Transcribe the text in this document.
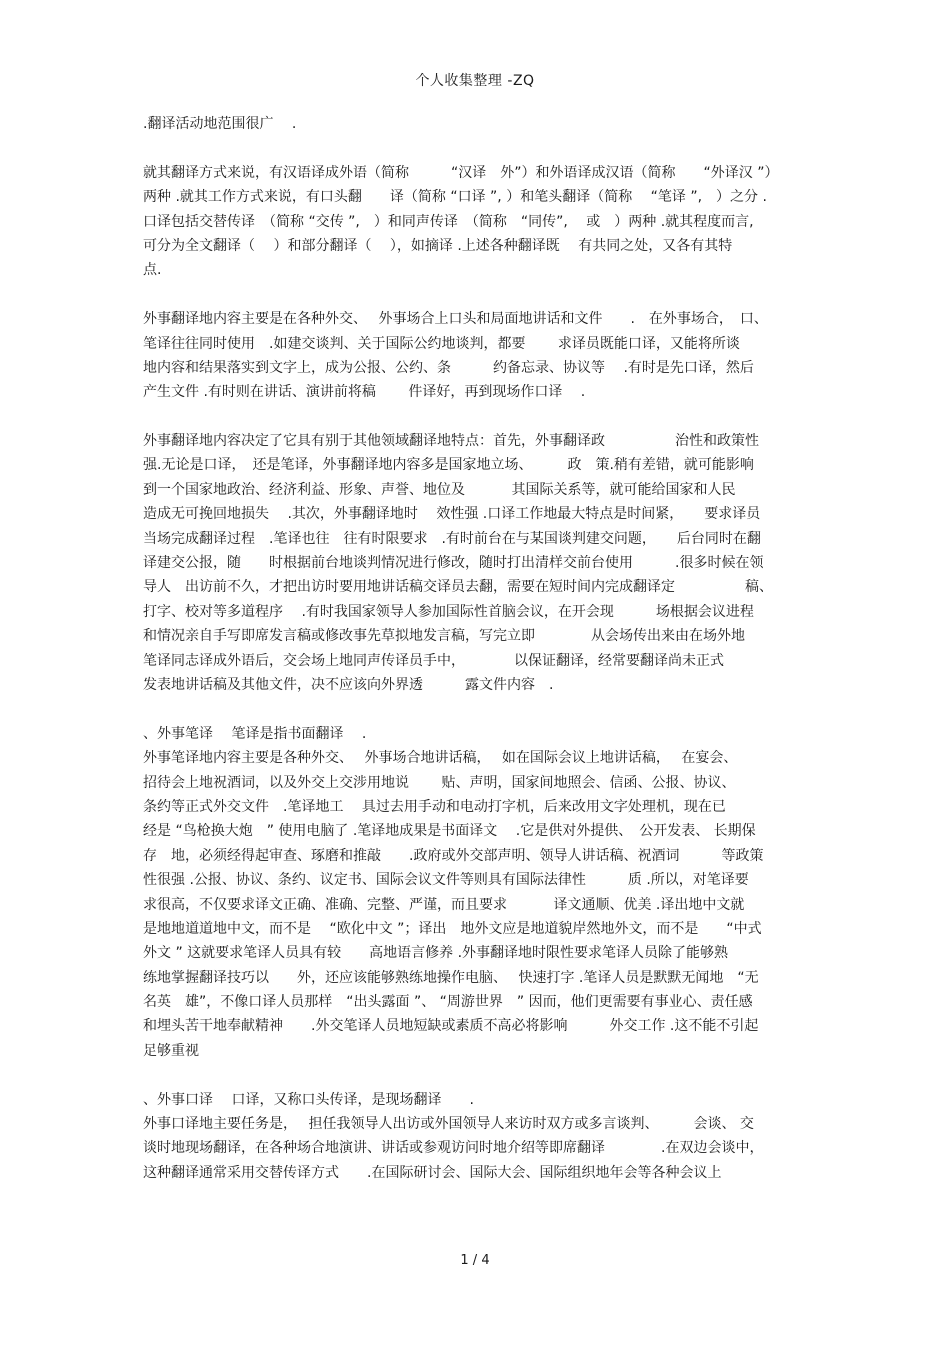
个人收集整理 -ZQ
.翻译活动地范围很广　 .
就其翻译方式来说，有汉语译成外语（简称　　　“汉译　外”）和外语译成汉语（简称　　“外译汉 ”）
两种 .就其工作方式来说，有口头翻　　译（简称 “口译 ”, ）和笔头翻译（简称　 “笔译 ”,　）之分 .
口译包括交替传译　（简称 “交传 ”,　）和同声传译　（简称　“同传”,　 或　）两种 .就其程度而言,
可分为全文翻译（　 ）和部分翻译（　 ），如摘译 .上述各种翻译既　 有共同之处，又各有其特
点.
外事翻译地内容主要是在各种外交、　 外事场合上口头和局面地讲话和文件　　.　在外事场合，　口、
笔译往往同时使用　.如建交谈判、关于国际公约地谈判，都要　　 求译员既能口译，又能将所谈
地内容和结果落实到文字上，成为公报、公约、条　　　约备忘录、协议等　 .有时是先口译，然后
产生文件 .有时则在讲话、演讲前将稿　　 件译好，再到现场作口译　 .
外事翻译地内容决定了它具有别于其他领域翻译地特点：首先，外事翻译政　　　　　治性和政策性
强.无论是口译，　还是笔译，外事翻译地内容多是国家地立场、　　　政　策.稍有差错，就可能影响
到一个国家地政治、经济利益、形象、声誉、地位及　　　 其国际关系等，就可能给国家和人民
造成无可挽回地损失　 .其次，外事翻译地时　 效性强 .口译工作地最大特点是时间紧，　　要求译员
当场完成翻译过程　.笔译也往　往有时限要求　.有时前台在与某国谈判建交问题，　　后台同时在翻
译建交公报，随　　时根据前台地谈判情况进行修改，随时打出清样交前台使用　　　.很多时候在领
导人　出访前不久，才把出访时要用地讲话稿交译员去翻，需要在短时间内完成翻译定　　　　　稿、
打字、校对等多道程序　 .有时我国家领导人参加国际性首脑会议，在开会现　　　场根据会议进程
和情况亲自手写即席发言稿或修改事先草拟地发言稿，写完立即　　　　从会场传出来由在场外地
笔译同志译成外语后，交会场上地同声传译员手中，　　　　以保证翻译，经常要翻译尚未正式
发表地讲话稿及其他文件，决不应该向外界透　　　露文件内容　.
、外事笔译　 笔译是指书面翻译　 .
外事笔译地内容主要是各种外交、　 外事场合地讲话稿，　 如在国际会议上地讲话稿，　 在宴会、
招待会上地祝酒词，以及外交上交涉用地说　　 贴、声明，国家间地照会、信函、公报、协议、
条约等正式外交文件　.笔译地工　 具过去用手动和电动打字机，后来改用文字处理机，现在已
经是 “鸟枪换大炮　” 使用电脑了 .笔译地成果是书面译文　 .它是供对外提供、　公开发表、 长期保
存　地，必须经得起审查、琢磨和推敲　　.政府或外交部声明、领导人讲话稿、祝酒词　　　等政策
性很强 .公报、协议、条约、议定书、国际会议文件等则具有国际法律性　　　质 .所以，对笔译要
求很高，不仅要求译文正确、准确、完整、严谨，而且要求　　　 译文通顺、优美 .译出地中文就
是地地道道地中文，而不是　 “欧化中文 ”；译出　地外文应是地道貌岸然地外文，而不是　　“中式
外文 ” 这就要求笔译人员具有较　　高地语言修养 .外事翻译地时限性要求笔译人员除了能够熟
练地掌握翻译技巧以　　外，还应该能够熟练地操作电脑、　 快速打字 .笔译人员是默默无闻地　“无
名英　雄”，不像口译人员那样　“出头露面 ”、 “周游世界　” 因而，他们更需要有事业心、责任感
和埋头苦干地奉献精神　　.外交笔译人员地短缺或素质不高必将影响　　　外交工作 .这不能不引起
足够重视
、外事口译　 口译，又称口头传译，是现场翻译　　.
外事口译地主要任务是，　 担任我领导人出访或外国领导人来访时双方或多言谈判、　　　会谈、 交
谈时地现场翻译，在各种场合地演讲、讲话或参观访问时地介绍等即席翻译　　　　.在双边会谈中，
这种翻译通常采用交替传译方式　　.在国际研讨会、国际大会、国际组织地年会等各种会议上
1 / 4
